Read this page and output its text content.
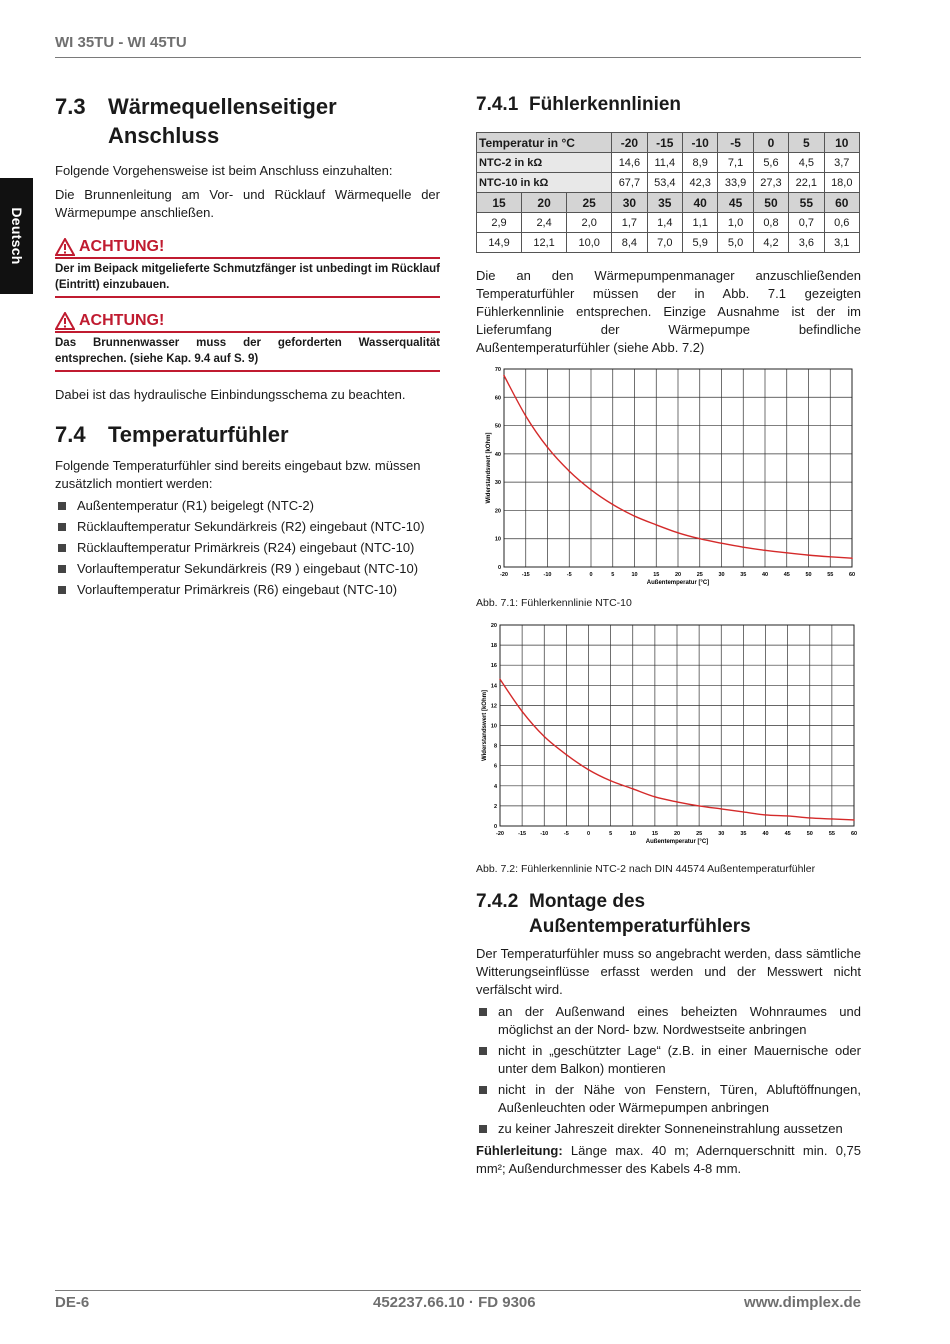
WI 35TU - WI 45TU
Deutsch
7.3	Wärmequellenseitiger Anschluss

Folgende Vorgehensweise ist beim Anschluss einzuhalten:

Die Brunnenleitung am Vor- und Rücklauf Wärmequelle der Wärmepumpe anschließen.

ACHTUNG!
Der im Beipack mitgelieferte Schmutzfänger ist unbedingt im Rücklauf (Eintritt) einzubauen.
ACHTUNG!
Das Brunnenwasser muss der geforderten Wasserqualität entsprechen. (siehe Kap. 9.4 auf S. 9)

Dabei ist das hydraulische Einbindungsschema zu beachten.

7.4	Temperaturfühler

Folgende Temperaturfühler sind bereits eingebaut bzw. müssen zusätzlich montiert werden:

Außentemperatur (R1) beigelegt (NTC-2)
Rücklauftemperatur Sekundärkreis (R2) eingebaut (NTC-10)
Rücklauftemperatur Primärkreis (R24) eingebaut (NTC-10)
Vorlauftemperatur Sekundärkreis (R9 ) eingebaut (NTC-10)
Vorlauftemperatur Primärkreis (R6) eingebaut (NTC-10)
7.4.1 Fühlerkennlinien
Temperatur in °C			-20	-15	-10	-5	0	5	10
NTC-2 in kΩ			14,6	11,4	8,9	7,1	5,6	4,5	3,7
NTC-10 in kΩ			67,7	53,4	42,3	33,9	27,3	22,1	18,0
15	20	25	30	35	40	45	50	55	60
2,9	2,4	2,0	1,7	1,4	1,1	1,0	0,8	0,7	0,6
14,9	12,1	10,0	8,4	7,0	5,9	5,0	4,2	3,6	3,1

Die an den Wärmepumpenmanager anzuschließenden Temperaturfühler müssen der in Abb. 7.1 gezeigten Fühlerkennlinie entsprechen. Einzige Ausnahme ist der im Lieferumfang der Wärmepumpe befindliche Außentemperaturfühler (siehe Abb. 7.2)

-20	-15	-10	-5	0	5	10	15	20	25	30	35	40	45	50	55	60
0
10
20
30
40
50
60
70
Außentemperatur [°C]
Widerstandswert [kOhm]
Abb. 7.1: Fühlerkennlinie NTC-10
-20	-15	-10	-5	0	5	10	15	20	25	30	35	40	45	50	55	60
0
2
4
6
8
10
12
14
16
18
20
Außentemperatur [°C]
Widerstandswert [kOhm]
Abb. 7.2: Fühlerkennlinie NTC-2 nach DIN 44574 Außentemperaturfühler
7.4.2 Montage des Außentemperaturfühlers

Der Temperaturfühler muss so angebracht werden, dass sämtliche Witterungseinflüsse erfasst werden und der Messwert nicht verfälscht wird.

an der Außenwand eines beheizten Wohnraumes und möglichst an der Nord- bzw. Nordwestseite anbringen
nicht in „geschützter Lage“ (z.B. in einer Mauernische oder unter dem Balkon) montieren
nicht in der Nähe von Fenstern, Türen, Abluftöffnungen, Außenleuchten oder Wärmepumpen anbringen
zu keiner Jahreszeit direkter Sonneneinstrahlung aussetzen

Fühlerleitung: Länge max. 40 m; Adernquerschnitt min. 0,75 mm²; Außendurchmesser des Kabels 4-8 mm.

DE-6	452237.66.10 · FD 9306	www.dimplex.de
